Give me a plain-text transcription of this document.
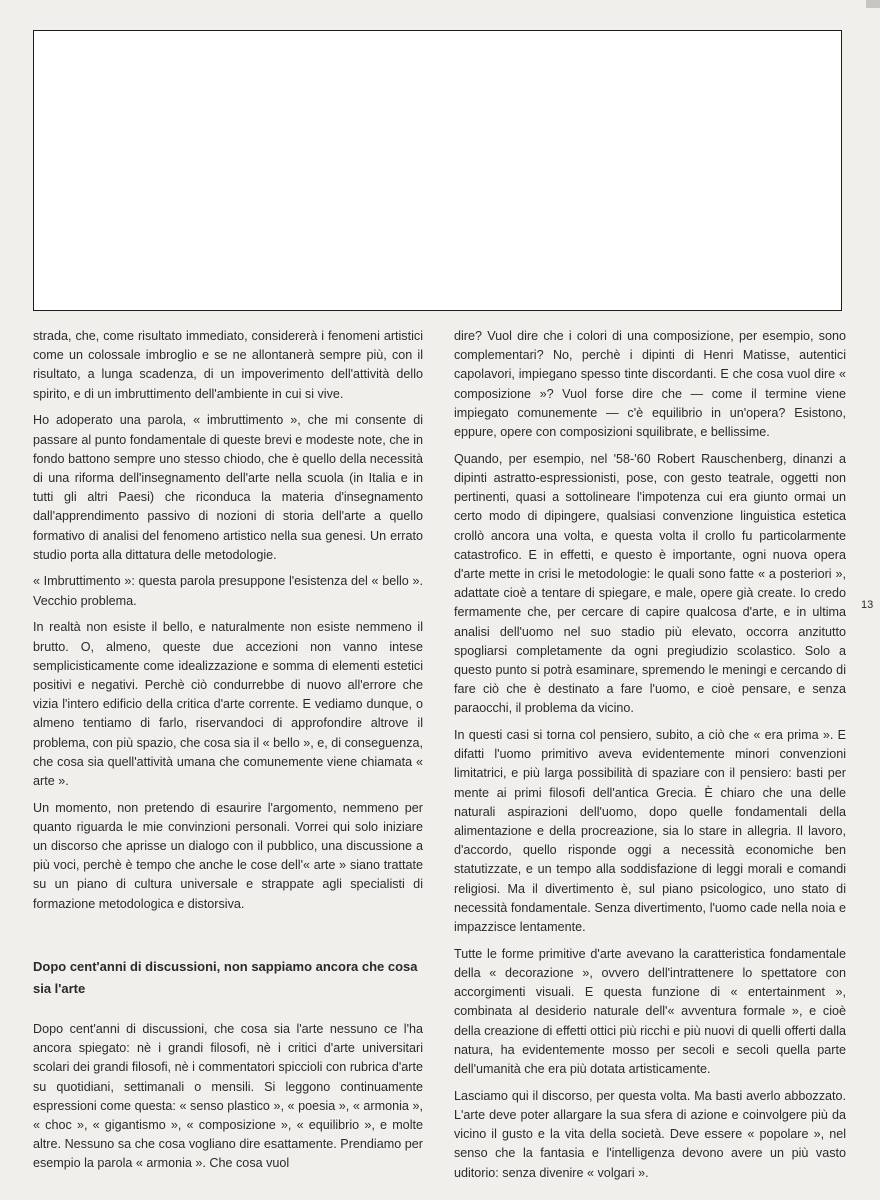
strada, che, come risultato immediato, considererà i fenomeni artistici come un colossale imbroglio e se ne allontanerà sempre più, con il risultato, a lunga scadenza, di un impoverimento dell'attività dello spirito, e di un imbruttimento dell'ambiente in cui si vive.

Ho adoperato una parola, « imbruttimento », che mi consente di passare al punto fondamentale di queste brevi e modeste note, che in fondo battono sempre uno stesso chiodo, che è quello della necessità di una riforma dell'insegnamento dell'arte nella scuola (in Italia e in tutti gli altri Paesi) che riconduca la materia d'insegnamento dall'apprendimento passivo di nozioni di storia dell'arte a quello formativo di analisi del fenomeno artistico nella sua genesi. Un errato studio porta alla dittatura delle metodologie.

« Imbruttimento »: questa parola presuppone l'esistenza del « bello ». Vecchio problema.

In realtà non esiste il bello, e naturalmente non esiste nemmeno il brutto. O, almeno, queste due accezioni non vanno intese semplicisticamente come idealizzazione e somma di elementi estetici positivi e negativi. Perchè ciò condurrebbe di nuovo all'errore che vizia l'intero edificio della critica d'arte corrente. E vediamo dunque, o almeno tentiamo di farlo, riservandoci di approfondire altrove il problema, con più spazio, che cosa sia il « bello », e, di conseguenza, che cosa sia quell'attività umana che comunemente viene chiamata « arte ».

Un momento, non pretendo di esaurire l'argomento, nemmeno per quanto riguarda le mie convinzioni personali. Vorrei qui solo iniziare un discorso che aprisse un dialogo con il pubblico, una discussione a più voci, perchè è tempo che anche le cose dell'« arte » siano trattate su un piano di cultura universale e strappate agli specialisti di formazione metodologica e distorsiva.

Dopo cent'anni di discussioni, non sappiamo ancora che cosa sia l'arte

Dopo cent'anni di discussioni, che cosa sia l'arte nessuno ce l'ha ancora spiegato: nè i grandi filosofi, nè i critici d'arte universitari scolari dei grandi filosofi, nè i commentatori spiccioli con rubrica d'arte su quotidiani, settimanali o mensili. Si leggono continuamente espressioni come questa: « senso plastico », « poesia », « armonia », « choc », « gigantismo », « composizione », « equilibrio », e molte altre. Nessuno sa che cosa vogliano dire esattamente. Prendiamo per esempio la parola « armonia ». Che cosa vuol

dire? Vuol dire che i colori di una composizione, per esempio, sono complementari? No, perchè i dipinti di Henri Matisse, autentici capolavori, impiegano spesso tinte discordanti. E che cosa vuol dire « composizione »? Vuol forse dire che — come il termine viene impiegato comunemente — c'è equilibrio in un'opera? Esistono, eppure, opere con composizioni squilibrate, e bellissime.

Quando, per esempio, nel '58-'60 Robert Rauschenberg, dinanzi a dipinti astratto-espressionisti, pose, con gesto teatrale, oggetti non pertinenti, quasi a sottolineare l'impotenza cui era giunto ormai un certo modo di dipingere, qualsiasi convenzione linguistica estetica crollò ancora una volta, e questa volta il crollo fu particolarmente catastrofico. E in effetti, e questo è importante, ogni nuova opera d'arte mette in crisi le metodologie: le quali sono fatte « a posteriori », adattate cioè a tentare di spiegare, e male, opere già create. Io credo fermamente che, per cercare di capire qualcosa d'arte, e in ultima analisi dell'uomo nel suo stadio più elevato, occorra anzitutto spogliarsi completamente da ogni pregiudizio scolastico. Solo a questo punto si potrà esaminare, spremendo le meningi e cercando di fare ciò che è destinato a fare l'uomo, e cioè pensare, e senza paraocchi, il problema da vicino.

In questi casi si torna col pensiero, subito, a ciò che « era prima ». E difatti l'uomo primitivo aveva evidentemente minori convenzioni limitatrici, e più larga possibilità di spaziare con il pensiero: basti per mente ai primi filosofi dell'antica Grecia. È chiaro che una delle naturali aspirazioni dell'uomo, dopo quelle fondamentali della alimentazione e della procreazione, sia lo stare in allegria. Il lavoro, d'accordo, quello risponde oggi a necessità economiche ben statutizzate, e un tempo alla soddisfazione di leggi morali e comandi religiosi. Ma il divertimento è, sul piano psicologico, uno stato di necessità fondamentale. Senza divertimento, l'uomo cade nella noia e impazzisce lentamente.

Tutte le forme primitive d'arte avevano la caratteristica fondamentale della « decorazione », ovvero dell'intrattenere lo spettatore con accorgimenti visuali. E questa funzione di « entertainment », combinata al desiderio naturale dell'« avventura formale », e cioè della creazione di effetti ottici più ricchi e più nuovi di quelli offerti dalla natura, ha evidentemente mosso per secoli e secoli quella parte dell'umanità che era più dotata artisticamente.

Lasciamo qui il discorso, per questa volta. Ma basti averlo abbozzato. L'arte deve poter allargare la sua sfera di azione e coinvolgere più da vicino il gusto e la vita della società. Deve essere « popolare », nel senso che la fantasia e l'intelligenza devono avere un più vasto uditorio: senza divenire « volgari ».

13
